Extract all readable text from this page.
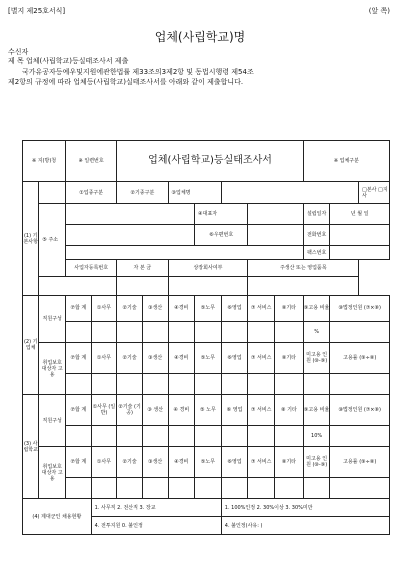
[별지 제25호서식]	(앞 쪽)
업체(사립학교)명
수신자
제 목 업체(사립학교)등실태조사서 제출
국가유공자등예우및지원에관한법률 제33조의3제2항 및 동법시행령 제54조
제2항의 규정에 따라 업체등(사립학교)실태조사서를 아래와 같이 제출합니다.
※ 지(방)청		※ 일련번호		업체(사립학교)등실태조사서							※ 업체구분		
(1) 기본사항		①업종구분		②기종구분		③업체명							□본사 □지사
	⑤ 주소						④대표자				설립일자	년 월 일	
							⑥우편번호				전화번호		
											팩스번호		
		사업자등록번호		자 본 금		상장회사여부			주생산 또는 영업품목				

(2) 기업체	직원구성	⑦합 계	①사무	②기술	③생산	④경비	⑤노무	⑥영업	⑦ 서비스	⑧기타	⑨고용 비율	⑩법정인원 (⑦×⑧)	
											%		
	취업보호 대상자 고용	⑦합 계	①사무	②기술	③생산	④경비	⑤노무	⑥영업	⑦ 서비스	⑧기타	미고용 인원 (⑩-⑨)	고용률 (⑨÷⑧)	

(3) 사립학교	직원구성	⑦합 계	①사무 (일반)	②기술 (기공)	③ 생산	④ 경비	⑤ 노무	⑥ 영업	⑦ 서비스	⑧ 기타	⑨고용 비율	⑩법정인원 (⑦×⑧)	
											10%		
	취업보호 대상자 고용	⑦합 계	①사무	②기술	③생산	④경비	⑤노무	⑥영업	⑦ 서비스	⑧기타	미고용 인원 (⑩-⑨)	고용률 (⑨÷⑧)	

(4) 제대군인 채용현황			1. 사무직 2. 전산직 3. 장교					1. 100%인정 2. 30%이상 3. 30%미만					
			4. 전투지원 0. 불인정					4. 불인정(사유: )					
